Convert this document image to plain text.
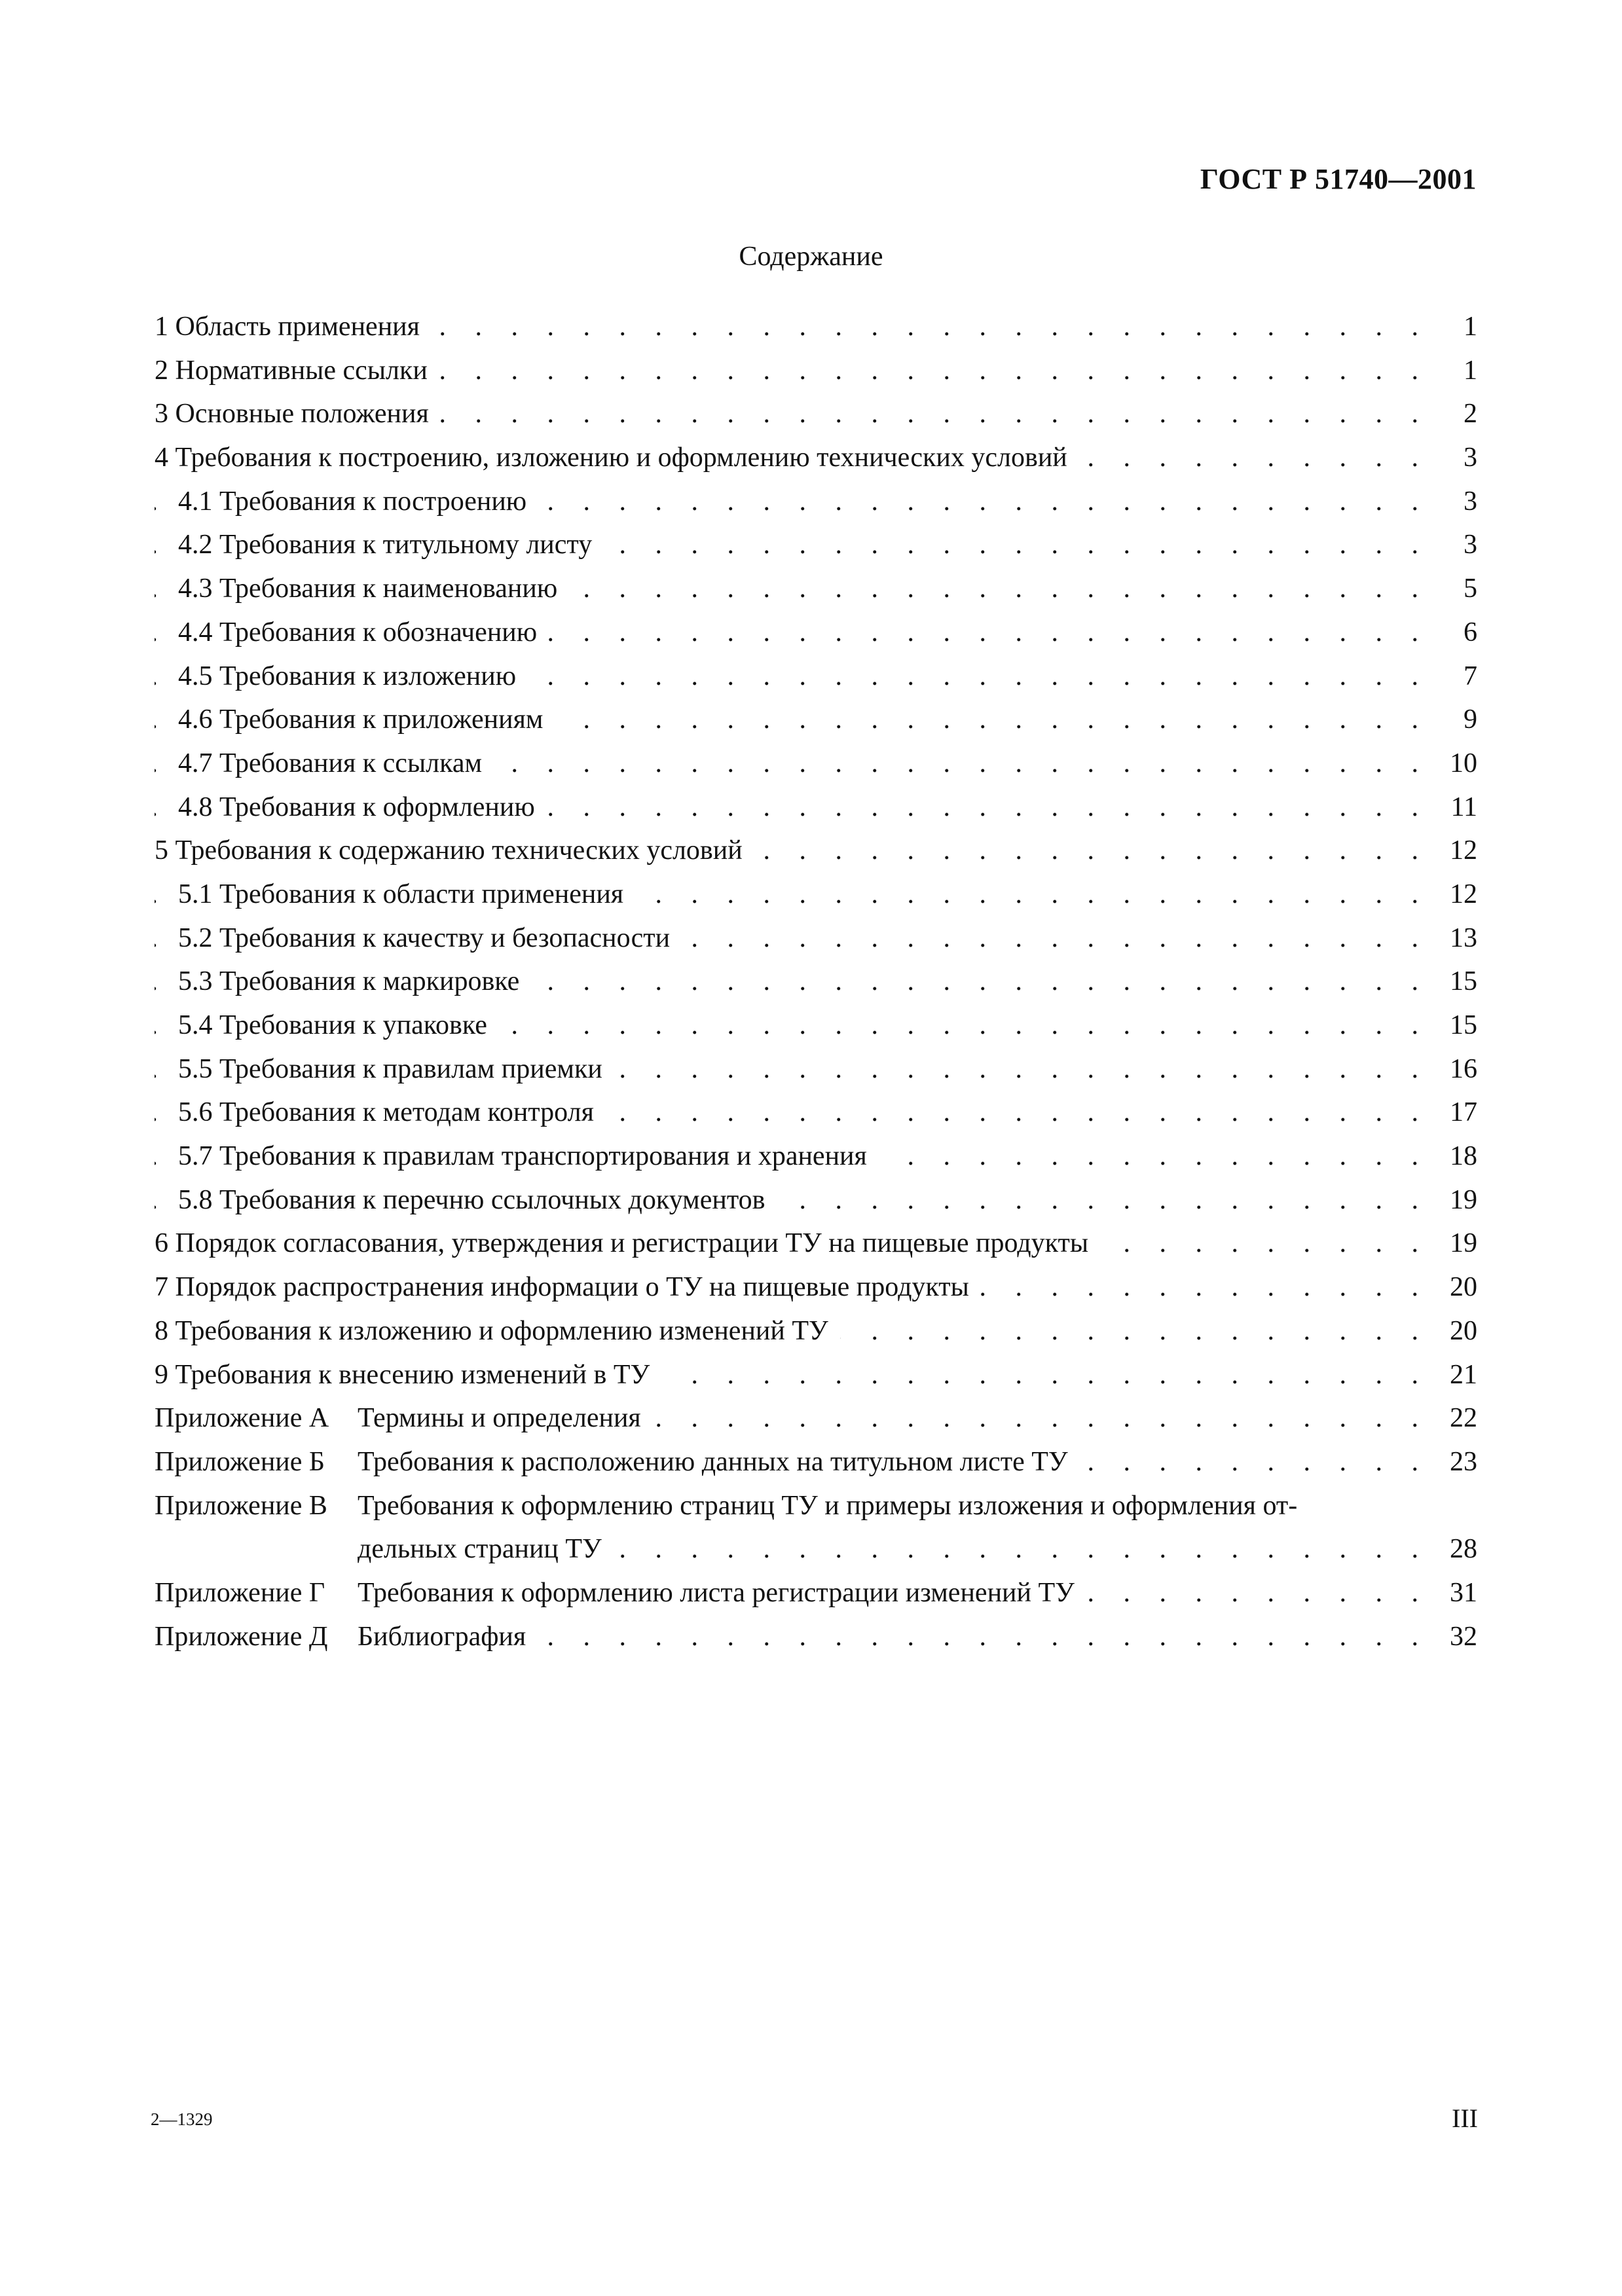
ГОСТ Р 51740—2001
Содержание
. . .
1 Область применения	1
. . .
2 Нормативные ссылки	1
. . .
3 Основные положения	2
. . .
4 Требования к построению, изложению и оформлению технических условий	3
. . .
4.1 Требования к построению	3
. . .
4.2 Требования к титульному листу	3
. . .
4.3 Требования к наименованию	5
. . .
4.4 Требования к обозначению	6
. . .
4.5 Требования к изложению	7
. . .
4.6 Требования к приложениям	9
. . .
4.7 Требования к ссылкам	10
. . .
4.8 Требования к оформлению	11
. . .
5 Требования к содержанию технических условий	12
. . .
5.1 Требования к области применения	12
. . .
5.2 Требования к качеству и безопасности	13
. . .
5.3 Требования к маркировке	15
. . .
5.4 Требования к упаковке	15
. . .
5.5 Требования к правилам приемки	16
. . .
5.6 Требования к методам контроля	17
. . .
5.7 Требования к правилам транспортирования и хранения	18
. . .
5.8 Требования к перечню ссылочных документов	19
. . .
6 Порядок согласования, утверждения и регистрации ТУ на пищевые продукты	19
. . .
7 Порядок распространения информации о ТУ на пищевые продукты	20
. . .
8 Требования к изложению и оформлению изменений ТУ	20
. . .
9 Требования к внесению изменений в ТУ	21
Приложение А . . . Термины и определения	22
Приложение Б . . . Требования к расположению данных на титульном листе ТУ	23
Приложение В Требования к оформлению страниц ТУ и примеры изложения и оформления от-
. . .
дельных страниц ТУ	28
Приложение Г . . . Требования к оформлению листа регистрации изменений ТУ	31
Приложение Д . . . Библиография	32
2—1329	III
